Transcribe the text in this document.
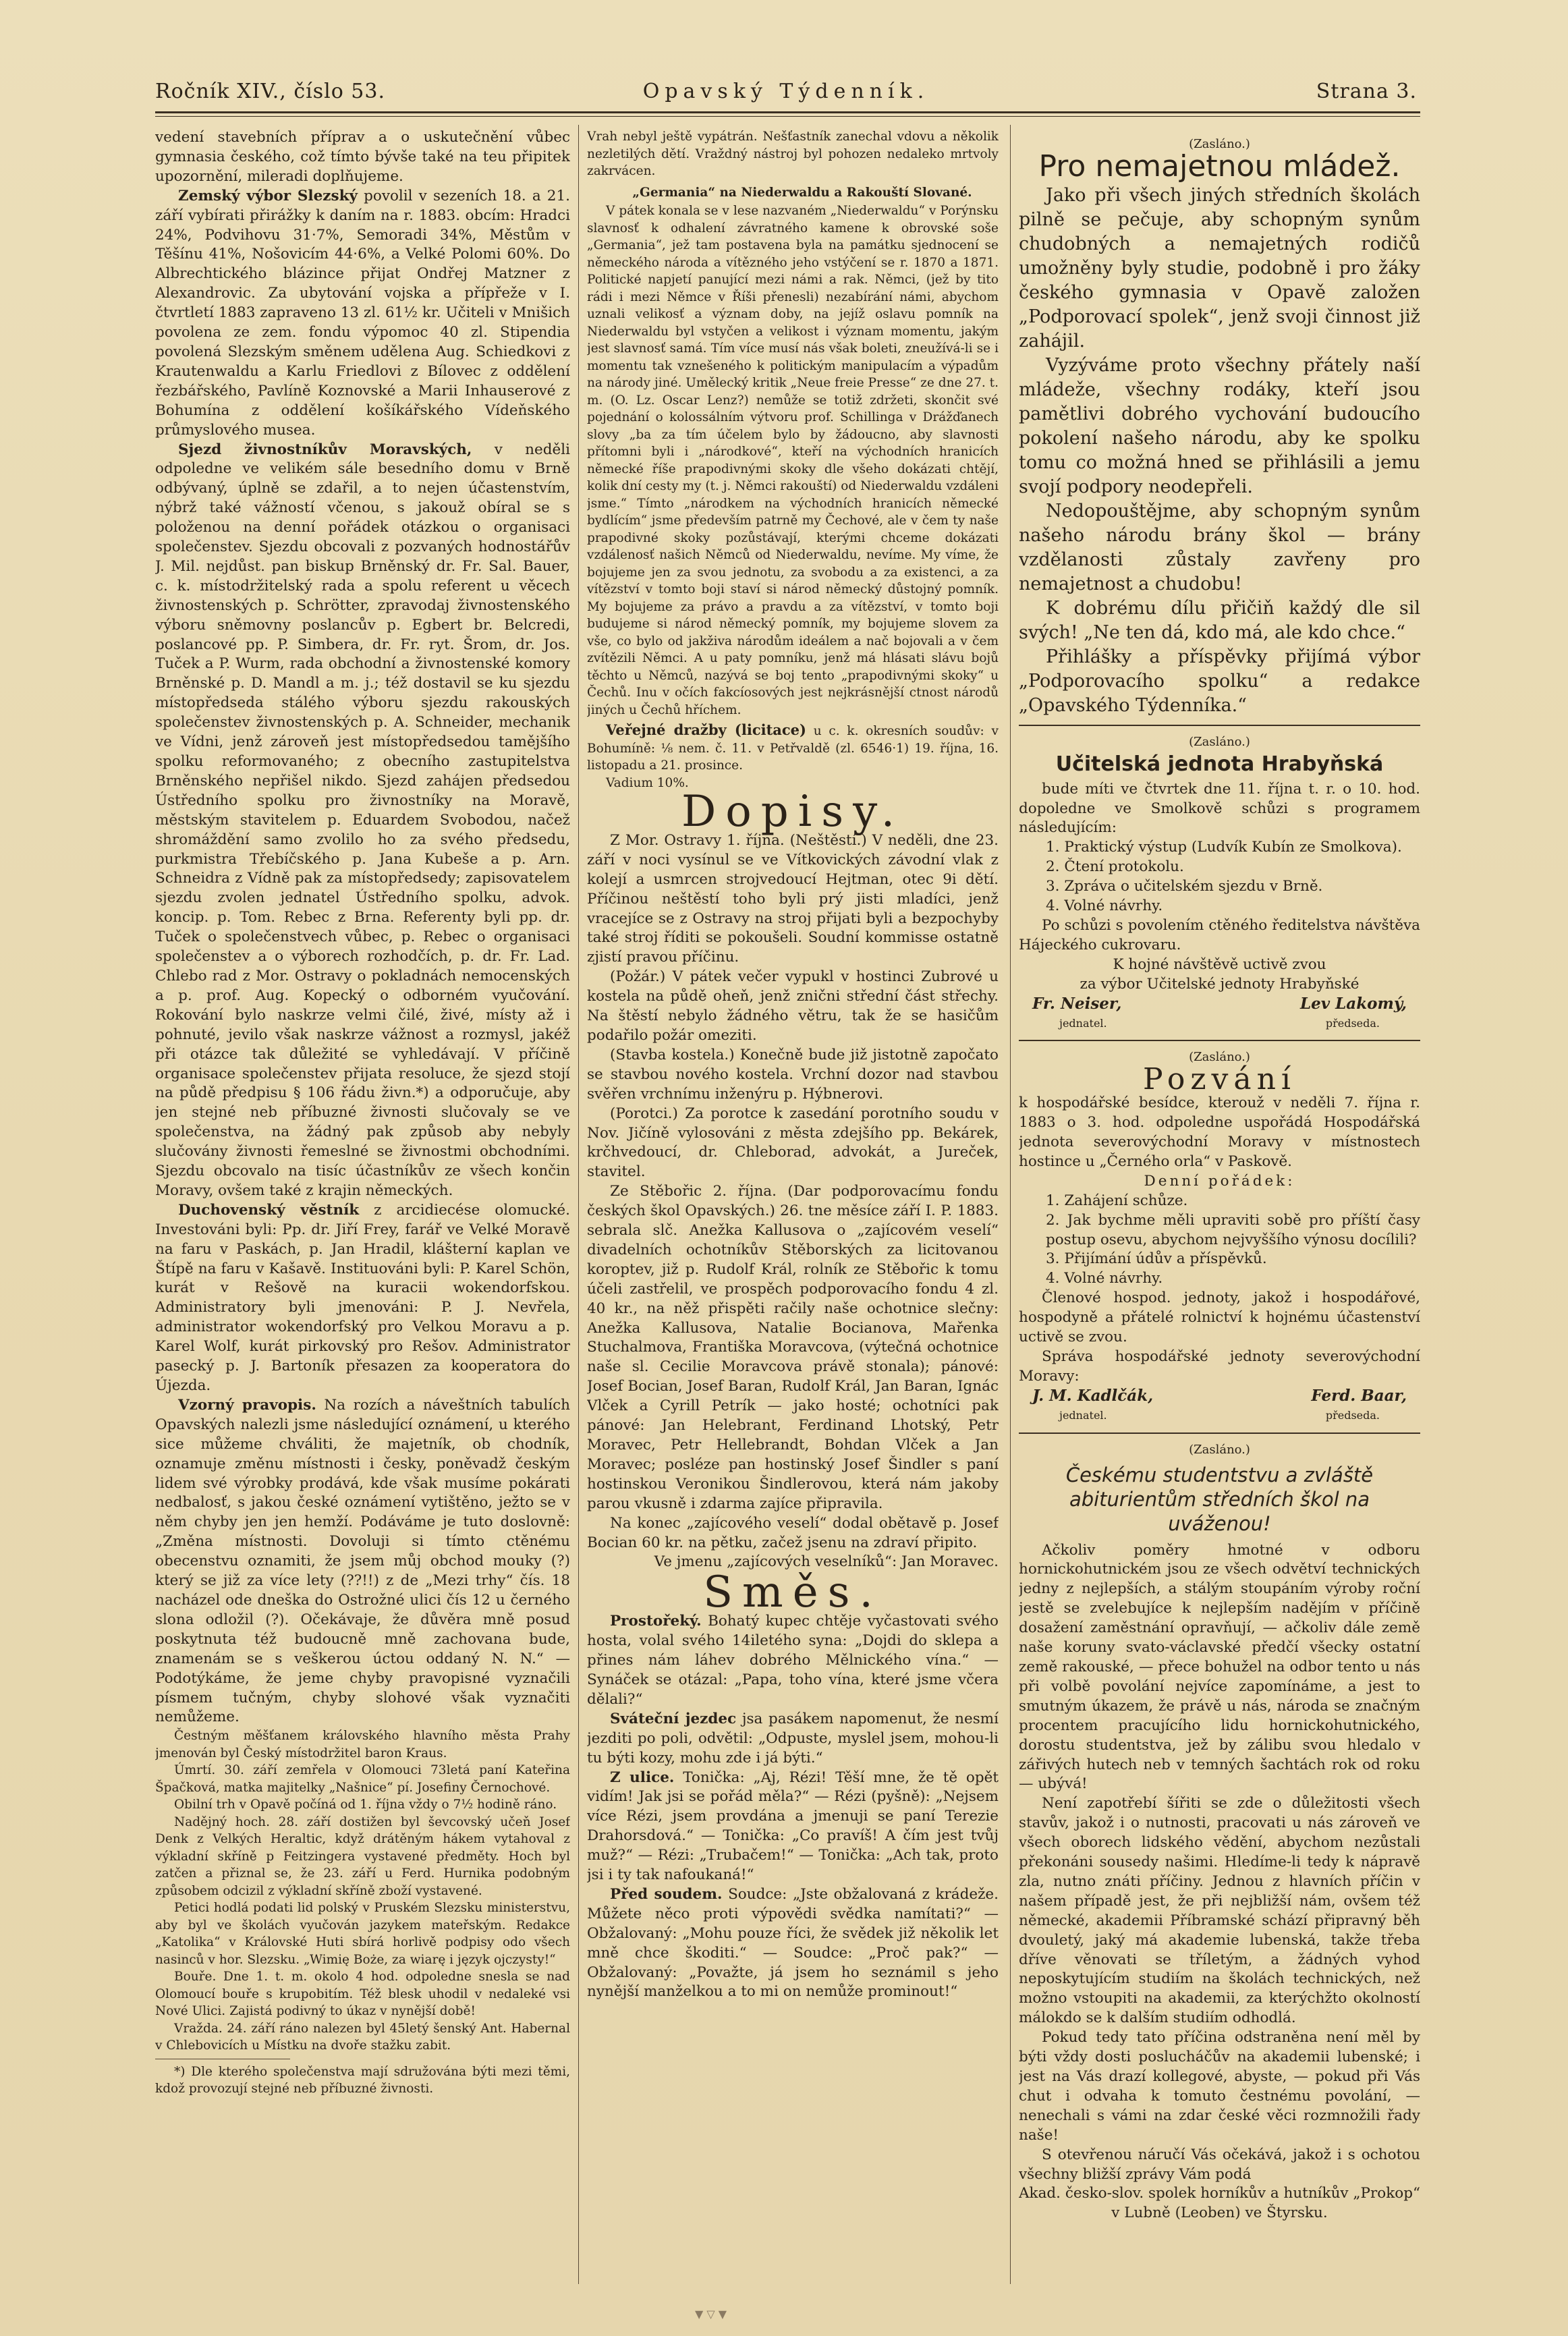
Ročník XIV., číslo 53.	Opavský Týdenník.	Strana 3.

vedení stavebních příprav a o uskutečnění vůbec gymnasia českého, což tímto bývše také na teu připitek upozornění, mileradi doplňujeme.

Zemský výbor Slezský povolil v sezeních 18. a 21. září vybírati přirážky k daním na r. 1883. obcím: Hradci 24%, Podvihovu 31·7%, Semoradi 34%, Městům v Těšínu 41%, Nošovicím 44·6%, a Velké Polomi 60%. Do Albrechtického blázince přijat Ondřej Matzner z Alexandrovic. Za ubytování vojska a přípřeže v I. čtvrtletí 1883 zapraveno 13 zl. 61½ kr. Učiteli v Mnišich povolena ze zem. fondu výpomoc 40 zl. Stipendia povolená Slezským směnem udělena Aug. Schiedkovi z Krautenwaldu a Karlu Friedlovi z Bílovec z oddělení řezbářského, Pavlíně Koznovské a Marii Inhauserové z Bohumína z oddělení košíkářského Vídeňského průmyslového musea.

Sjezd živnostníkův Moravských, v neděli odpoledne ve velikém sále besedního domu v Brně odbývaný, úplně se zdařil, a to nejen účastenstvím, nýbrž také vážností včenou, s jakouž obíral se s položenou na denní pořádek otázkou o organisaci společenstev. Sjezdu obcovali z pozvaných hodnostářův J. Mil. nejdůst. pan biskup Brněnský dr. Fr. Sal. Bauer, c. k. místodržitelský rada a spolu referent u věcech živnostenských p. Schrötter, zpravodaj živnostenského výboru sněmovny poslancův p. Egbert br. Belcredi, poslancové pp. P. Simbera, dr. Fr. ryt. Šrom, dr. Jos. Tuček a P. Wurm, rada obchodní a živnostenské komory Brněnské p. D. Mandl a m. j.; též dostavil se ku sjezdu místopředseda stálého výboru sjezdu rakouských společenstev živnostenských p. A. Schneider, mechanik ve Vídni, jenž zároveň jest místopředsedou tamějšího spolku reformovaného; z obecního zastupitelstva Brněnského nepřišel nikdo. Sjezd zahájen předsedou Ústředního spolku pro živnostníky na Moravě, městským stavitelem p. Eduardem Svobodou, načež shromáždění samo zvolilo ho za svého předsedu, purkmistra Třebíčského p. Jana Kubeše a p. Arn. Schneidra z Vídně pak za místopředsedy; zapisovatelem sjezdu zvolen jednatel Ústředního spolku, advok. koncip. p. Tom. Rebec z Brna. Referenty byli pp. dr. Tuček o společenstvech vůbec, p. Rebec o organisaci společenstev a o výborech rozhodčích, p. dr. Fr. Lad. Chlebo rad z Mor. Ostravy o pokladnách nemocenských a p. prof. Aug. Kopecký o odborném vyučování. Rokování bylo naskrze velmi čilé, živé, místy až i pohnuté, jevilo však naskrze vážnost a rozmysl, jakéž při otázce tak důležité se vyhledávají. V příčině organisace společenstev přijata resoluce, že sjezd stojí na půdě předpisu § 106 řádu živn.*) a odporučuje, aby jen stejné neb příbuzné živnosti slučovaly se ve společenstva, na žádný pak způsob aby nebyly slučovány živnosti řemeslné se živnostmi obchodními. Sjezdu obcovalo na tisíc účastníkův ze všech končin Moravy, ovšem také z krajin německých.

Duchovenský věstník z arcidiecése olomucké. Investováni byli: Pp. dr. Jiří Frey, farář ve Velké Moravě na faru v Paskách, p. Jan Hradil, klášterní kaplan ve Štípě na faru v Kašavě. Instituováni byli: P. Karel Schön, kurát v Rešově na kuracii wokendorfskou. Administratory byli jmenováni: P. J. Nevřela, administrator wokendorfský pro Velkou Moravu a p. Karel Wolf, kurát pirkovský pro Rešov. Administrator pasecký p. J. Bartoník přesazen za kooperatora do Újezda.

Vzorný pravopis. Na rozích a náveštních tabulích Opavských nalezli jsme následující oznámení, u kterého sice můžeme chváliti, že majetník, ob chodník, oznamuje změnu místnosti i česky, poněvadž českým lidem své výrobky prodává, kde však musíme pokárati nedbalosť, s jakou české oznámení vytištěno, ježto se v něm chyby jen jen hemží. Podáváme je tuto doslovně: „Změna místnosti. Dovoluji si tímto ctěnému obecenstvu oznamiti, že jsem můj obchod mouky (?) který se již za více lety (??!!) z de „Mezi trhy“ čís. 18 nacházel ode dneška do Ostrožné ulici čís 12 u černého slona odložil (?). Očekávaje, že důvěra mně posud poskytnuta též budoucně mně zachovana bude, znamenám se s veškerou úctou oddaný N. N.“ — Podotýkáme, že jeme chyby pravopisné vyznačili písmem tučným, chyby slohové však vyznačiti nemůžeme.

Čestným měšťanem královského hlavního města Prahy jmenován byl Český místodržitel baron Kraus.

Úmrtí. 30. září zemřela v Olomouci 73letá paní Kateřina Špačková, matka majitelky „Našnice“ pí. Josefiny Černochové.

Obilní trh v Opavě počíná od 1. října vždy o 7½ hodině ráno.

Nadějný hoch. 28. září dostižen byl ševcovský učeň Josef Denk z Velkých Heraltic, když drátěným hákem vytahoval z výkladní skříně p Feitzingera vystavené předměty. Hoch byl zatčen a přiznal se, že 23. září u Ferd. Hurnika podobným způsobem odcizil z výkladní skříně zboží vystavené.

Petici hodlá podati lid polský v Pruském Slezsku ministerstvu, aby byl ve školách vyučován jazykem mateřským. Redakce „Katolika“ v Královské Huti sbírá horlivě podpisy odo všech nasinců v hor. Slezsku. „Wimię Boże, za wiarę i język ojczysty!“

Bouře. Dne 1. t. m. okolo 4 hod. odpoledne snesla se nad Olomoucí bouře s krupobitím. Též blesk uhodil v nedaleké vsi Nové Ulici. Zajistá podivný to úkaz v nynější době!

Vražda. 24. září ráno nalezen byl 45letý šenský Ant. Habernal v Chlebovicích u Místku na dvoře stažku zabit.

*) Dle kterého společenstva mají sdružována býti mezi těmi, kdož provozují stejné neb příbuzné živnosti.

Vrah nebyl ještě vypátrán. Nešťastník zanechal vdovu a několik nezletilých dětí. Vraždný nástroj byl pohozen nedaleko mrtvoly zakrvácen.

„Germania“ na Niederwaldu a Rakouští Slované.

V pátek konala se v lese nazvaném „Niederwaldu“ v Porýnsku slavnosť k odhalení závratného kamene k obrovské soše „Germania“, jež tam postavena byla na památku sjednocení se německého národa a vítězného jeho vstýčení se r. 1870 a 1871. Politické napjetí panující mezi námi a rak. Němci, (jež by tito rádi i mezi Němce v Říši přenesli) nezabírání námi, abychom uznali velikosť a význam doby, na jejíž oslavu pomník na Niederwaldu byl vstyčen a velikost i význam momentu, jakým jest slavnosť samá. Tím více musí nás však boleti, zneužívá-li se i momentu tak vznešeného k politickým manipulacím a výpadům na národy jiné. Umělecký kritik „Neue freie Presse“ ze dne 27. t. m. (O. Lz. Oscar Lenz?) nemůže se totiž zdržeti, skončit své pojednání o kolossálním výtvoru prof. Schillinga v Drážďanech slovy „ba za tím účelem bylo by žádoucno, aby slavnosti přítomni byli i „národkové“, kteří na východních hranicích německé říše prapodivnými skoky dle všeho dokázati chtějí, kolik dní cesty my (t. j. Němci rakouští) od Niederwaldu vzdáleni jsme.“ Tímto „národkem na východních hranicích německé bydlícím“ jsme především patrně my Čechové, ale v čem ty naše prapodivné skoky pozůstávají, kterými chceme dokázati vzdálenosť našich Němců od Niederwaldu, nevíme. My víme, že bojujeme jen za svou jednotu, za svobodu a za existenci, a za vítězství v tomto boji staví si národ německý důstojný pomník. My bojujeme za právo a pravdu a za vítězství, v tomto boji budujeme si národ německý pomník, my bojujeme slovem za vše, co bylo od jakživa národům ideálem a nač bojovali a v čem zvítězili Němci. A u paty pomníku, jenž má hlásati slávu bojů těchto u Němců, nazývá se boj tento „prapodivnými skoky“ u Čechů. Inu v očích fakcíosových jest nejkrásnější ctnost národů jiných u Čechů hříchem.

Veřejné dražby (licitace) u c. k. okresních soudův: v Bohumíně: ⅛ nem. č. 11. v Petřvaldě (zl. 6546·1) 19. října, 16. listopadu a 21. prosince.

Vadium 10%.

Dopisy.

Z Mor. Ostravy 1. října. (Neštěstí.) V neděli, dne 23. září v noci vysínul se ve Vítkovických závodní vlak z kolejí a usmrcen strojvedoucí Hejtman, otec 9i dětí. Příčinou neštěstí toho byli prý jisti mladíci, jenž vracejíce se z Ostravy na stroj přijati byli a bezpochyby také stroj říditi se pokoušeli. Soudní kommisse ostatně zjistí pravou příčinu.

(Požár.) V pátek večer vypukl v hostinci Zubrové u kostela na půdě oheň, jenž znični střední část střechy. Na štěstí nebylo žádného větru, tak že se hasičům podařilo požár omeziti.

(Stavba kostela.) Konečně bude již jistotně započato se stavbou nového kostela. Vrchní dozor nad stavbou svěřen vrchnímu inženýru p. Hýbnerovi.

(Porotci.) Za porotce k zasedání porotního soudu v Nov. Jičíně vylosováni z města zdejšího pp. Bekárek, krčhvedoucí, dr. Chleborad, advokát, a Jureček, stavitel.

Ze Stěbořic 2. října. (Dar podporovacímu fondu českých škol Opavských.) 26. tne měsíce září I. P. 1883. sebrala slč. Anežka Kallusova o „zajícovém veselí“ divadelních ochotníkův Stěborských za licitovanou koroptev, již p. Rudolf Král, rolník ze Stěbořic k tomu účeli zastřelil, ve prospěch podporovacího fondu 4 zl. 40 kr., na něž přispěti račily naše ochotnice slečny: Anežka Kallusova, Natalie Bocianova, Mařenka Stuchalmova, Františka Moravcova, (výtečná ochotnice naše sl. Cecilie Moravcova právě stonala); pánové: Josef Bocian, Josef Baran, Rudolf Král, Jan Baran, Ignác Vlček a Cyrill Petrík — jako hosté; ochotníci pak pánové: Jan Helebrant, Ferdinand Lhotský, Petr Moravec, Petr Hellebrandt, Bohdan Vlček a Jan Moravec; posléze pan hostinský Josef Šindler s paní hostinskou Veronikou Šindlerovou, která nám jakoby parou vkusně i zdarma zajíce připravila.

Na konec „zajícového veselí“ dodal obětavě p. Josef Bocian 60 kr. na pětku, začež jsenu na zdraví připito.

Ve jmenu „zajícových veselníků“: Jan Moravec.

Směs.

Prostořeký. Bohatý kupec chtěje vyčastovati svého hosta, volal svého 14iletého syna: „Dojdi do sklepa a přines nám láhev dobrého Mělnického vína.“ — Synáček se otázal: „Papa, toho vína, které jsme včera dělali?“

Sváteční jezdec jsa pasákem napomenut, že nesmí jezditi po poli, odvětil: „Odpuste, myslel jsem, mohou-li tu býti kozy, mohu zde i já býti.“

Z ulice. Tonička: „Aj, Rézi! Těší mne, že tě opět vidím! Jak jsi se pořád měla?“ — Rézi (pyšně): „Nejsem více Rézi, jsem provdána a jmenuji se paní Terezie Drahorsdová.“ — Tonička: „Co pravíš! A čím jest tvůj muž?“ — Rézi: „Trubačem!“ — Tonička: „Ach tak, proto jsi i ty tak nafoukaná!“

Před soudem. Soudce: „Jste obžalovaná z krádeže. Můžete něco proti výpovědi svědka namítati?“ — Obžalovaný: „Mohu pouze říci, že svědek již několik let mně chce škoditi.“ — Soudce: „Proč pak?“ — Obžalovaný: „Považte, já jsem ho seznámil s jeho nynější manželkou a to mi on nemůže prominout!“

(Zasláno.)
Pro nemajetnou mládež.

Jako při všech jiných středních školách pilně se pečuje, aby schopným synům chudobných a nemajetných rodičů umožněny byly studie, podobně i pro žáky českého gymnasia v Opavě založen „Podporovací spolek“, jenž svoji činnost již zahájil.

Vyzýváme proto všechny přátely naší mládeže, všechny rodáky, kteří jsou pamětlivi dobrého vychování budoucího pokolení našeho národu, aby ke spolku tomu co možná hned se přihlásili a jemu svojí podpory neodepřeli.

Nedopouštějme, aby schopným synům našeho národu brány škol — brány vzdělanosti zůstaly zavřeny pro nemajetnost a chudobu!

K dobrému dílu přičiň každý dle sil svých! „Ne ten dá, kdo má, ale kdo chce.“

Přihlášky a příspěvky přijímá výbor „Podporovacího spolku“ a redakce „Opavského Týdenníka.“

(Zasláno.)
Učitelská jednota Hrabyňská

bude míti ve čtvrtek dne 11. října t. r. o 10. hod. dopoledne ve Smolkově schůzi s programem následujícím:

1. Praktický výstup (Ludvík Kubín ze Smolkova).
2. Čtení protokolu.
3. Zpráva o učitelském sjezdu v Brně.
4. Volné návrhy.

Po schůzi s povolením ctěného ředitelstva návštěva Hájeckého cukrovaru.

K hojné návštěvě uctivě zvou

za výbor Učitelské jednoty Hrabyňské

Fr. Neiser,	Lev Lakomý,
jednatel.	předseda.
(Zasláno.)
Pozvání

k hospodářské besídce, kterouž v neděli 7. října r. 1883 o 3. hod. odpoledne uspořádá Hospodářská jednota severovýchodní Moravy v místnostech hostince u „Černého orla“ v Paskově.

Denní pořádek:

1. Zahájení schůze.
2. Jak bychme měli upraviti sobě pro příští časy postup osevu, abychom nejvyššího výnosu docílili?
3. Přijímání údův a příspěvků.
4. Volné návrhy.

Členové hospod. jednoty, jakož i hospodářové, hospodyně a přátelé rolnictví k hojnému účastenství uctivě se zvou.

Správa hospodářské jednoty severovýchodní Moravy:

J. M. Kadlčák,	Ferd. Baar,
jednatel.	předseda.
(Zasláno.)
Českému studentstvu a zvláště abiturientům středních škol na uváženou!

Ačkoliv poměry hmotné v odboru hornickohutnickém jsou ze všech odvětví technických jedny z nejlepších, a stálým stoupáním výroby roční jestě se zvelebujíce k nejlepším nadějím v příčině dosažení zaměstnání opravňují, — ačkoliv dále země naše koruny svato-václavské předčí všecky ostatní země rakouské, — přece bohužel na odbor tento u nás při volbě povolání nejvíce zapomínáme, a jest to smutným úkazem, že právě u nás, národa se značným procentem pracujícího lidu hornickohutnického, dorostu studentstva, jež by zálibu svou hledalo v zářivých hutech neb v temných šachtách rok od roku — ubývá!

Není zapotřebí šířiti se zde o důležitosti všech stavův, jakož i o nutnosti, pracovati u nás zároveň ve všech oborech lidského vědění, abychom nezůstali překonáni sousedy našimi. Hledíme-li tedy k nápravě zla, nutno znáti příčiny. Jednou z hlavních příčin v našem případě jest, že při nejbližší nám, ovšem též německé, akademii Příbramské schází připravný běh dvouletý, jaký má akademie lubenská, takže třeba dříve věnovati se tříletým, a žádných vyhod neposkytujícím studiím na školách technických, než možno vstoupiti na akademii, za kterýchžto okolností málokdo se k dalším studiím odhodlá.

Pokud tedy tato příčina odstraněna není měl by býti vždy dosti poslucháčův na akademii lubenské; i jest na Vás drazí kollegové, abyste, — pokud při Vás chut i odvaha k tomuto čestnému povolání, — nenechali s vámi na zdar české věci rozmnožili řady naše!

S otevřenou náručí Vás očekává, jakož i s ochotou všechny bližší zprávy Vám podá

Akad. česko-slov. spolek horníkův a hutníkův „Prokop“

v Lubně (Leoben) ve Štyrsku.

▼ ▽ ▼
